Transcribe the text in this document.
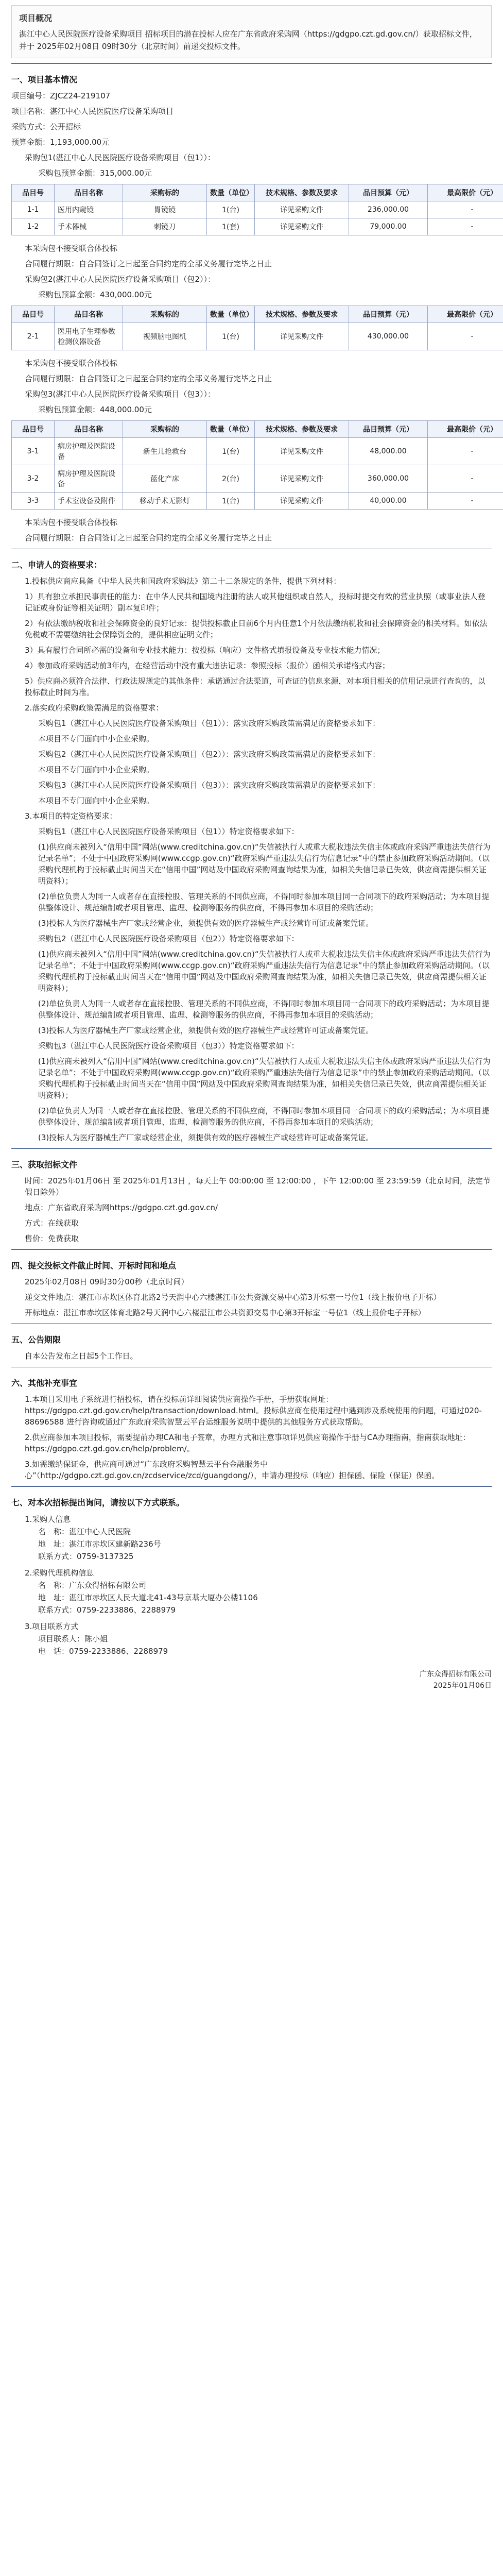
项目概况
湛江中心人民医院医疗设备采购项目 招标项目的潜在投标人应在广东省政府采购网（https://gdgpo.czt.gd.gov.cn/）获取招标文件，并于 2025年02月08日 09时30分（北京时间）前递交投标文件。
一、项目基本情况
项目编号：ZJCZ24-219107
项目名称：湛江中心人民医院医疗设备采购项目
采购方式：公开招标
预算金额：1,193,000.00元
采购包1(湛江中心人民医院医疗设备采购项目（包1））：
采购包预算金额：315,000.00元
品目号	品目名称	采购标的	数量（单位）	技术规格、参数及要求	品目预算（元）	最高限价（元）
1-1	医用内窥镜	胃镜镜	1(台)	详见采购文件	236,000.00	-
1-2	手术器械	刺镜刀	1(套)	详见采购文件	79,000.00	-
本采购包不接受联合体投标
合同履行期限：自合同签订之日起至合同约定的全部义务履行完毕之日止
采购包2(湛江中心人民医院医疗设备采购项目（包2））：
采购包预算金额：430,000.00元
品目号	品目名称	采购标的	数量（单位）	技术规格、参数及要求	品目预算（元）	最高限价（元）
2-1	医用电子生理参数检测仪器设备	视频脑电图机	1(台)	详见采购文件	430,000.00	-
本采购包不接受联合体投标
合同履行期限：自合同签订之日起至合同约定的全部义务履行完毕之日止
采购包3(湛江中心人民医院医疗设备采购项目（包3））：
采购包预算金额：448,000.00元
品目号	品目名称	采购标的	数量（单位）	技术规格、参数及要求	品目预算（元）	最高限价（元）
3-1	病房护理及医院设备	新生儿抢救台	1(台)	详见采购文件	48,000.00	-
3-2	病房护理及医院设备	蓝化产床	2(台)	详见采购文件	360,000.00	-
3-3	手术室设备及附件	移动手术无影灯	1(台)	详见采购文件	40,000.00	-
本采购包不接受联合体投标
合同履行期限：自合同签订之日起至合同约定的全部义务履行完毕之日止
二、申请人的资格要求：
1.投标供应商应具备《中华人民共和国政府采购法》第二十二条规定的条件，提供下列材料：
1）具有独立承担民事责任的能力：在中华人民共和国境内注册的法人或其他组织或自然人，投标时提交有效的营业执照（或事业法人登记证或身份证等相关证明）副本复印件；
2）有依法缴纳税收和社会保障资金的良好记录：提供投标截止日前6个月内任意1个月依法缴纳税收和社会保障资金的相关材料。如依法免税或不需要缴纳社会保障资金的，提供相应证明文件；
3）具有履行合同所必需的设备和专业技术能力：按投标（响应）文件格式填报设备及专业技术能力情况；
4）参加政府采购活动前3年内，在经营活动中没有重大违法记录：参照投标（报价）函相关承诺格式内容；
5）供应商必须符合法律、行政法规规定的其他条件：承诺通过合法渠道，可查证的信息来源，对本项目相关的信用记录进行查询的，以投标截止时间为准。
2.落实政府采购政策需满足的资格要求：
采购包1（湛江中心人民医院医疗设备采购项目（包1））：落实政府采购政策需满足的资格要求如下：
本项目不专门面向中小企业采购。
采购包2（湛江中心人民医院医疗设备采购项目（包2））：落实政府采购政策需满足的资格要求如下：
本项目不专门面向中小企业采购。
采购包3（湛江中心人民医院医疗设备采购项目（包3））：落实政府采购政策需满足的资格要求如下：
本项目不专门面向中小企业采购。
3.本项目的特定资格要求：
采购包1（湛江中心人民医院医疗设备采购项目（包1））特定资格要求如下：
(1)供应商未被列入“信用中国”网站(www.creditchina.gov.cn)“失信被执行人或重大税收违法失信主体或政府采购严重违法失信行为记录名单”；不处于中国政府采购网(www.ccgp.gov.cn)“政府采购严重违法失信行为信息记录”中的禁止参加政府采购活动期间。（以采购代理机构于投标截止时间当天在“信用中国”网站及中国政府采购网查询结果为准，如相关失信记录已失效，供应商需提供相关证明资料）；
(2)单位负责人为同一人或者存在直接控股、管理关系的不同供应商，不得同时参加本项目同一合同项下的政府采购活动；为本项目提供整体设计、规范编制或者项目管理、监理、检测等服务的供应商，不得再参加本项目的采购活动；
(3)投标人为医疗器械生产厂家或经营企业，须提供有效的医疗器械生产或经营许可证或备案凭证。
采购包2（湛江中心人民医院医疗设备采购项目（包2））特定资格要求如下：
(1)供应商未被列入“信用中国”网站(www.creditchina.gov.cn)“失信被执行人或重大税收违法失信主体或政府采购严重违法失信行为记录名单”；不处于中国政府采购网(www.ccgp.gov.cn)“政府采购严重违法失信行为信息记录”中的禁止参加政府采购活动期间。（以采购代理机构于投标截止时间当天在“信用中国”网站及中国政府采购网查询结果为准，如相关失信记录已失效，供应商需提供相关证明资料）；
(2)单位负责人为同一人或者存在直接控股、管理关系的不同供应商，不得同时参加本项目同一合同项下的政府采购活动；为本项目提供整体设计、规范编制或者项目管理、监理、检测等服务的供应商，不得再参加本项目的采购活动；
(3)投标人为医疗器械生产厂家或经营企业，须提供有效的医疗器械生产或经营许可证或备案凭证。
采购包3（湛江中心人民医院医疗设备采购项目（包3））特定资格要求如下：
(1)供应商未被列入“信用中国”网站(www.creditchina.gov.cn)“失信被执行人或重大税收违法失信主体或政府采购严重违法失信行为记录名单”；不处于中国政府采购网(www.ccgp.gov.cn)“政府采购严重违法失信行为信息记录”中的禁止参加政府采购活动期间。（以采购代理机构于投标截止时间当天在“信用中国”网站及中国政府采购网查询结果为准，如相关失信记录已失效，供应商需提供相关证明资料）；
(2)单位负责人为同一人或者存在直接控股、管理关系的不同供应商，不得同时参加本项目同一合同项下的政府采购活动；为本项目提供整体设计、规范编制或者项目管理、监理、检测等服务的供应商，不得再参加本项目的采购活动；
(3)投标人为医疗器械生产厂家或经营企业，须提供有效的医疗器械生产或经营许可证或备案凭证。
三、获取招标文件
时间：2025年01月06日 至 2025年01月13日 ，每天上午 00:00:00 至 12:00:00 ，下午 12:00:00 至 23:59:59（北京时间，法定节假日除外）
地点：广东省政府采购网https://gdgpo.czt.gd.gov.cn/
方式：在线获取
售价：免费获取
四、提交投标文件截止时间、开标时间和地点
2025年02月08日 09时30分00秒（北京时间）
递交文件地点：湛江市赤坎区体育北路2号天润中心六楼湛江市公共资源交易中心第3开标室一号位1（线上报价电子开标）
开标地点：湛江市赤坎区体育北路2号天润中心六楼湛江市公共资源交易中心第3开标室一号位1（线上报价电子开标）
五、公告期限
自本公告发布之日起5个工作日。
六、其他补充事宜
1.本项目采用电子系统进行招投标，请在投标前详细阅读供应商操作手册，手册获取网址：https://gdgpo.czt.gd.gov.cn/help/transaction/download.html。投标供应商在使用过程中遇到涉及系统使用的问题，可通过020-88696588 进行咨询或通过广东政府采购智慧云平台运维服务说明中提供的其他服务方式获取帮助。
2.供应商参加本项目投标，需要提前办理CA和电子签章，办理方式和注意事项详见供应商操作手册与CA办理指南，指南获取地址：https://gdgpo.czt.gd.gov.cn/help/problem/。
3.如需缴纳保证金，供应商可通过“广东政府采购智慧云平台金融服务中心”（http://gdgpo.czt.gd.gov.cn/zcdservice/zcd/guangdong/），申请办理投标（响应）担保函、保险（保证）保函。
七、对本次招标提出询问，请按以下方式联系。
1.采购人信息
名　称：湛江中心人民医院
地　址：湛江市赤坎区建新路236号
联系方式：0759-3137325
2.采购代理机构信息
名　称：广东众得招标有限公司
地　址：湛江市赤坎区人民大道北41-43号京基大厦办公楼1106
联系方式：0759-2233886、2288979
3.项目联系方式
项目联系人：陈小姐
电　话：0759-2233886、2288979
广东众得招标有限公司
2025年01月06日
